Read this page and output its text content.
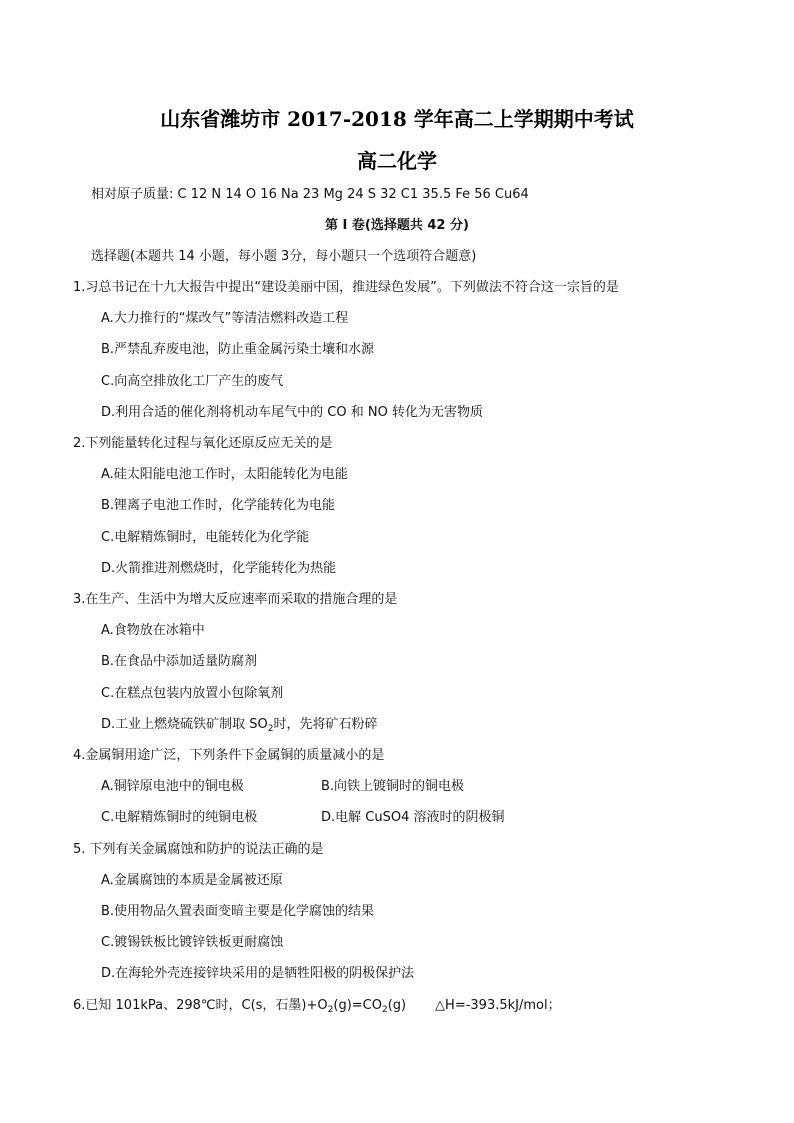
山东省潍坊市 2017-2018 学年高二上学期期中考试
高二化学
相对原子质量: C 12 N 14 O 16 Na 23 Mg 24 S 32 C1 35.5 Fe 56 Cu64
第 I 卷(选择题共 42 分)
选择题(本题共 14 小题，每小题 3分，每小题只一个选项符合题意)
1.习总书记在十九大报告中提出“建设美丽中国，推进绿色发展”。下列做法不符合这一宗旨的是
A.大力推行的“煤改气”等清洁燃料改造工程
B.严禁乱弃废电池，防止重金属污染土壤和水源
C.向高空排放化工厂产生的废气
D.利用合适的催化剂将机动车尾气中的 CO 和 NO 转化为无害物质
2.下列能量转化过程与氧化还原反应无关的是
A.硅太阳能电池工作时，太阳能转化为电能
B.锂离子电池工作时，化学能转化为电能
C.电解精炼铜时，电能转化为化学能
D.火箭推进剂燃烧时，化学能转化为热能
3.在生产、生活中为增大反应速率而采取的措施合理的是
A.食物放在冰箱中
B.在食品中添加适量防腐剂
C.在糕点包装内放置小包除氧剂
D.工业上燃烧硫铁矿制取 $SO_2$时，先将矿石粉碎
4.金属铜用途广泛，下列条件下金属铜的质量减小的是
A.铜锌原电池中的铜电极	B.向铁上镀铜时的铜电极
C.电解精炼铜时的纯铜电极	D.电解 CuSO4 溶液时的阴极铜
5. 下列有关金属腐蚀和防护的说法正确的是
A.金属腐蚀的本质是金属被还原
B.使用物品久置表面变暗主要是化学腐蚀的结果
C.镀锡铁板比镀锌铁板更耐腐蚀
D.在海轮外壳连接锌块采用的是牺牲阳极的阴极保护法
6.已知 101kPa、298℃时，C(s，石墨)$+O_2(g)=CO_2(g)$       △H=-393.5kJ/mol；
